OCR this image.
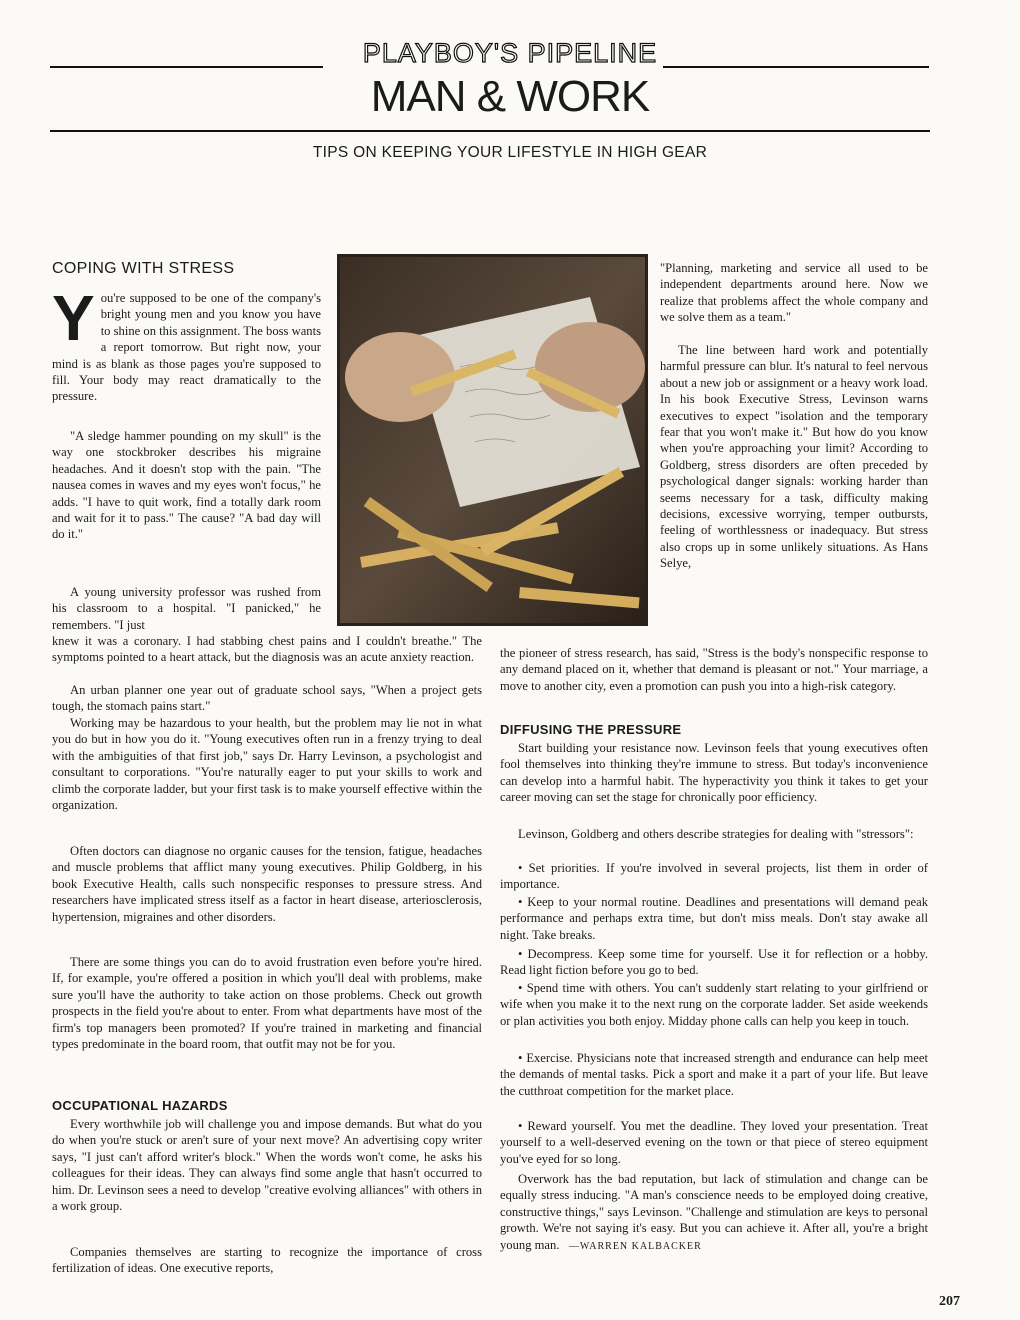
PLAYBOY'S PIPELINE
MAN & WORK
TIPS ON KEEPING YOUR LIFESTYLE IN HIGH GEAR
COPING WITH STRESS
You're supposed to be one of the company's bright young men and you know you have to shine on this assignment. The boss wants a report tomorrow. But right now, your mind is as blank as those pages you're supposed to fill. Your body may react dramatically to the pressure.

"A sledge hammer pounding on my skull" is the way one stockbroker describes his migraine headaches. And it doesn't stop with the pain. "The nausea comes in waves and my eyes won't focus," he adds. "I have to quit work, find a totally dark room and wait for it to pass." The cause? "A bad day will do it."

A young university professor was rushed from his classroom to a hospital. "I panicked," he remembers. "I just

knew it was a coronary. I had stabbing chest pains and I couldn't breathe." The symptoms pointed to a heart attack, but the diagnosis was an acute anxiety reaction.

An urban planner one year out of graduate school says, "When a project gets tough, the stomach pains start."

Working may be hazardous to your health, but the problem may lie not in what you do but in how you do it. "Young executives often run in a frenzy trying to deal with the ambiguities of that first job," says Dr. Harry Levinson, a psychologist and consultant to corporations. "You're naturally eager to put your skills to work and climb the corporate ladder, but your first task is to make yourself effective within the organization.

Often doctors can diagnose no organic causes for the tension, fatigue, headaches and muscle problems that afflict many young executives. Philip Goldberg, in his book Executive Health, calls such nonspecific responses to pressure stress. And researchers have implicated stress itself as a factor in heart disease, arteriosclerosis, hypertension, migraines and other disorders.

There are some things you can do to avoid frustration even before you're hired. If, for example, you're offered a position in which you'll deal with problems, make sure you'll have the authority to take action on those problems. Check out growth prospects in the field you're about to enter. From what departments have most of the firm's top managers been promoted? If you're trained in marketing and financial types predominate in the board room, that outfit may not be for you.

OCCUPATIONAL HAZARDS

Every worthwhile job will challenge you and impose demands. But what do you do when you're stuck or aren't sure of your next move? An advertising copy writer says, "I just can't afford writer's block." When the words won't come, he asks his colleagues for their ideas. They can always find some angle that hasn't occurred to him. Dr. Levinson sees a need to develop "creative evolving alliances" with others in a work group.

Companies themselves are starting to recognize the importance of cross fertilization of ideas. One executive reports,

"Planning, marketing and service all used to be independent departments around here. Now we realize that problems affect the whole company and we solve them as a team."

The line between hard work and potentially harmful pressure can blur. It's natural to feel nervous about a new job or assignment or a heavy work load. In his book Executive Stress, Levinson warns executives to expect "isolation and the temporary fear that you won't make it." But how do you know when you're approaching your limit? According to Goldberg, stress disorders are often preceded by psychological danger signals: working harder than seems necessary for a task, difficulty making decisions, excessive worrying, temper outbursts, feeling of worthlessness or inadequacy. But stress also crops up in some unlikely situations. As Hans Selye,

the pioneer of stress research, has said, "Stress is the body's nonspecific response to any demand placed on it, whether that demand is pleasant or not." Your marriage, a move to another city, even a promotion can push you into a high-risk category.

DIFFUSING THE PRESSURE

Start building your resistance now. Levinson feels that young executives often fool themselves into thinking they're immune to stress. But today's inconvenience can develop into a harmful habit. The hyperactivity you think it takes to get your career moving can set the stage for chronically poor efficiency.

Levinson, Goldberg and others describe strategies for dealing with "stressors":

• Set priorities. If you're involved in several projects, list them in order of importance.

• Keep to your normal routine. Deadlines and presentations will demand peak performance and perhaps extra time, but don't miss meals. Don't stay awake all night. Take breaks.

• Decompress. Keep some time for yourself. Use it for reflection or a hobby. Read light fiction before you go to bed.

• Spend time with others. You can't suddenly start relating to your girlfriend or wife when you make it to the next rung on the corporate ladder. Set aside weekends or plan activities you both enjoy. Midday phone calls can help you keep in touch.

• Exercise. Physicians note that increased strength and endurance can help meet the demands of mental tasks. Pick a sport and make it a part of your life. But leave the cutthroat competition for the market place.

• Reward yourself. You met the deadline. They loved your presentation. Treat yourself to a well-deserved evening on the town or that piece of stereo equipment you've eyed for so long.

Overwork has the bad reputation, but lack of stimulation and change can be equally stress inducing. "A man's conscience needs to be employed doing creative, constructive things," says Levinson. "Challenge and stimulation are keys to personal growth. We're not saying it's easy. But you can achieve it. After all, you're a bright young man. —WARREN KALBACKER

207
